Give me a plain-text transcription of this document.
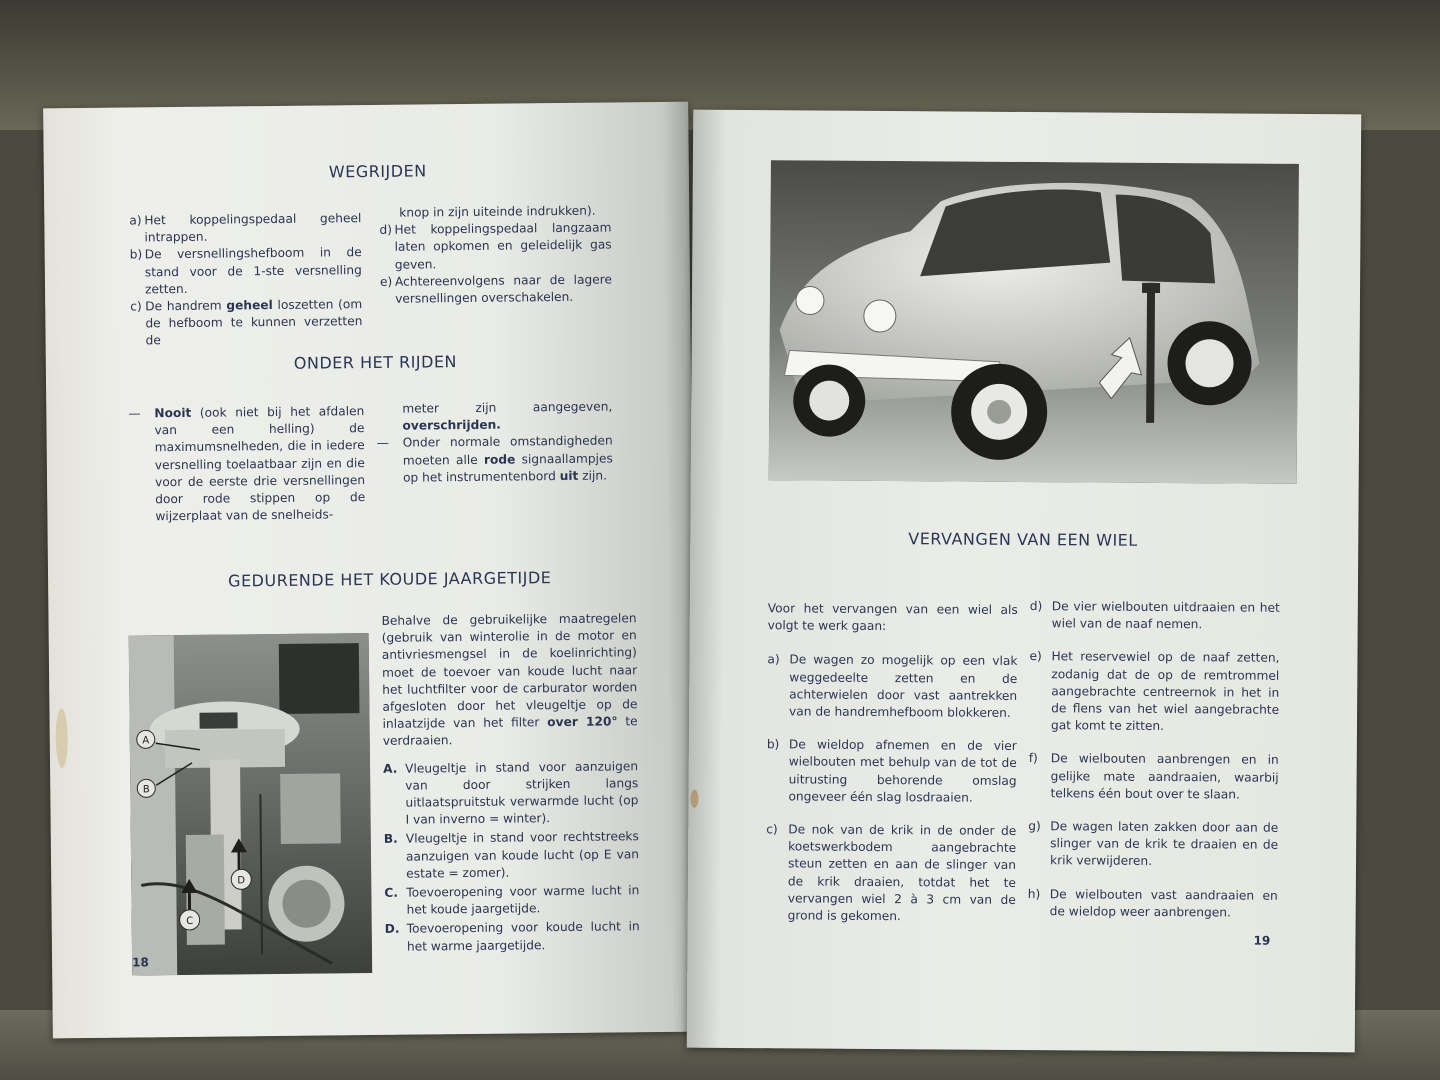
WEGRIJDEN
a) Het koppelingspedaal geheel intrappen.
b) De versnellingshefboom in de stand voor de 1-ste versnelling zetten.
c) De handrem geheel loszetten (om de hefboom te kunnen verzetten de

knop in zijn uiteinde indrukken).

d) Het koppelingspedaal langzaam laten opkomen en geleidelijk gas geven.
e) Achtereenvolgens naar de lagere versnellingen overschakelen.
ONDER HET RIJDEN
—	Nooit (ook niet bij het afdalen van een helling) de maximumsnelheden, die in iedere versnelling toelaatbaar zijn en die voor de eerste drie versnellingen door rode stippen op de wijzerplaat van de snelheids-

meter zijn aangegeven, overschrijden.

—	Onder normale omstandigheden moeten alle rode signaallampjes op het instrumentenbord uit zijn.
GEDURENDE HET KOUDE JAARGETIJDE
A
B
C
D

Behalve de gebruikelijke maatregelen (gebruik van winterolie in de motor en antivriesmengsel in de koelinrichting) moet de toevoer van koude lucht naar het luchtfilter voor de carburator worden afgesloten door het vleugeltje op de inlaatzijde van het filter over 120° te verdraaien.

A. Vleugeltje in stand voor aanzuigen van door strijken langs uitlaatspruitstuk verwarmde lucht (op I van inverno = winter).
B. Vleugeltje in stand voor rechtstreeks aanzuigen van koude lucht (op E van estate = zomer).
C. Toevoeropening voor warme lucht in het koude jaargetijde.
D. Toevoeropening voor koude lucht in het warme jaargetijde.
18
VERVANGEN VAN EEN WIEL

Voor het vervangen van een wiel als volgt te werk gaan:

a) De wagen zo mogelijk op een vlak weggedeelte zetten en de achterwielen door vast aantrekken van de handremhefboom blokkeren.
b) De wieldop afnemen en de vier wielbouten met behulp van de tot de uitrusting behorende omslag ongeveer één slag losdraaien.
c) De nok van de krik in de onder de koetswerkbodem aangebrachte steun zetten en aan de slinger van de krik draaien, totdat het te vervangen wiel 2 à 3 cm van de grond is gekomen.
d) De vier wielbouten uitdraaien en het wiel van de naaf nemen.
e) Het reservewiel op de naaf zetten, zodanig dat de op de remtrommel aangebrachte centreernok in het in de flens van het wiel aangebrachte gat komt te zitten.
f)	De wielbouten aanbrengen en in gelijke mate aandraaien, waarbij telkens één bout over te slaan.
g) De wagen laten zakken door aan de slinger van de krik te draaien en de krik verwijderen.
h) De wielbouten vast aandraaien en de wieldop weer aanbrengen.
19
